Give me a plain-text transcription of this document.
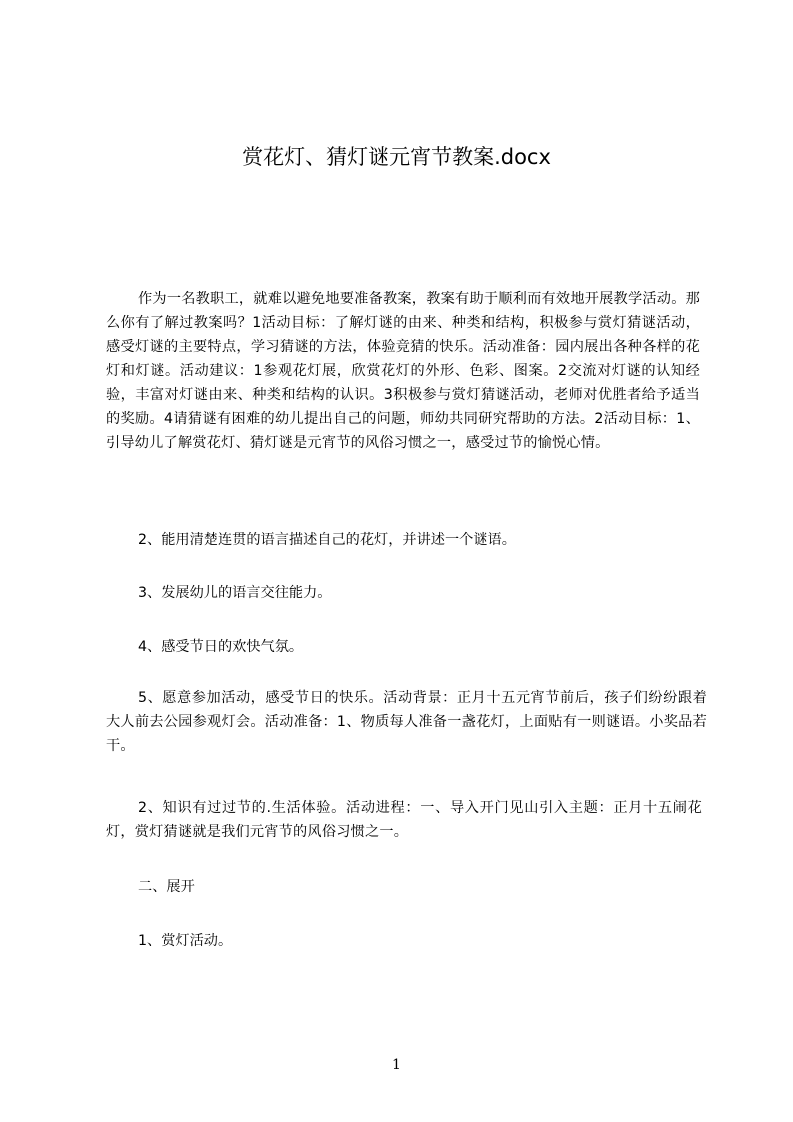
赏花灯、猜灯谜元宵节教案.docx
作为一名教职工，就难以避免地要准备教案，教案有助于顺利而有效地开展教学活动。那么你有了解过教案吗？1活动目标：了解灯谜的由来、种类和结构，积极参与赏灯猜谜活动，感受灯谜的主要特点，学习猜谜的方法，体验竞猜的快乐。活动准备：园内展出各种各样的花灯和灯谜。活动建议：1参观花灯展，欣赏花灯的外形、色彩、图案。2交流对灯谜的认知经验，丰富对灯谜由来、种类和结构的认识。3积极参与赏灯猜谜活动，老师对优胜者给予适当的奖励。4请猜谜有困难的幼儿提出自己的问题，师幼共同研究帮助的方法。2活动目标：1、引导幼儿了解赏花灯、猜灯谜是元宵节的风俗习惯之一，感受过节的愉悦心情。
2、能用清楚连贯的语言描述自己的花灯，并讲述一个谜语。
3、发展幼儿的语言交往能力。
4、感受节日的欢快气氛。
5、愿意参加活动，感受节日的快乐。活动背景：正月十五元宵节前后，孩子们纷纷跟着大人前去公园参观灯会。活动准备：1、物质每人准备一盏花灯，上面贴有一则谜语。小奖品若干。
2、知识有过过节的.生活体验。活动进程：一、导入开门见山引入主题：正月十五闹花灯，赏灯猜谜就是我们元宵节的风俗习惯之一。
二、展开
1、赏灯活动。
1
